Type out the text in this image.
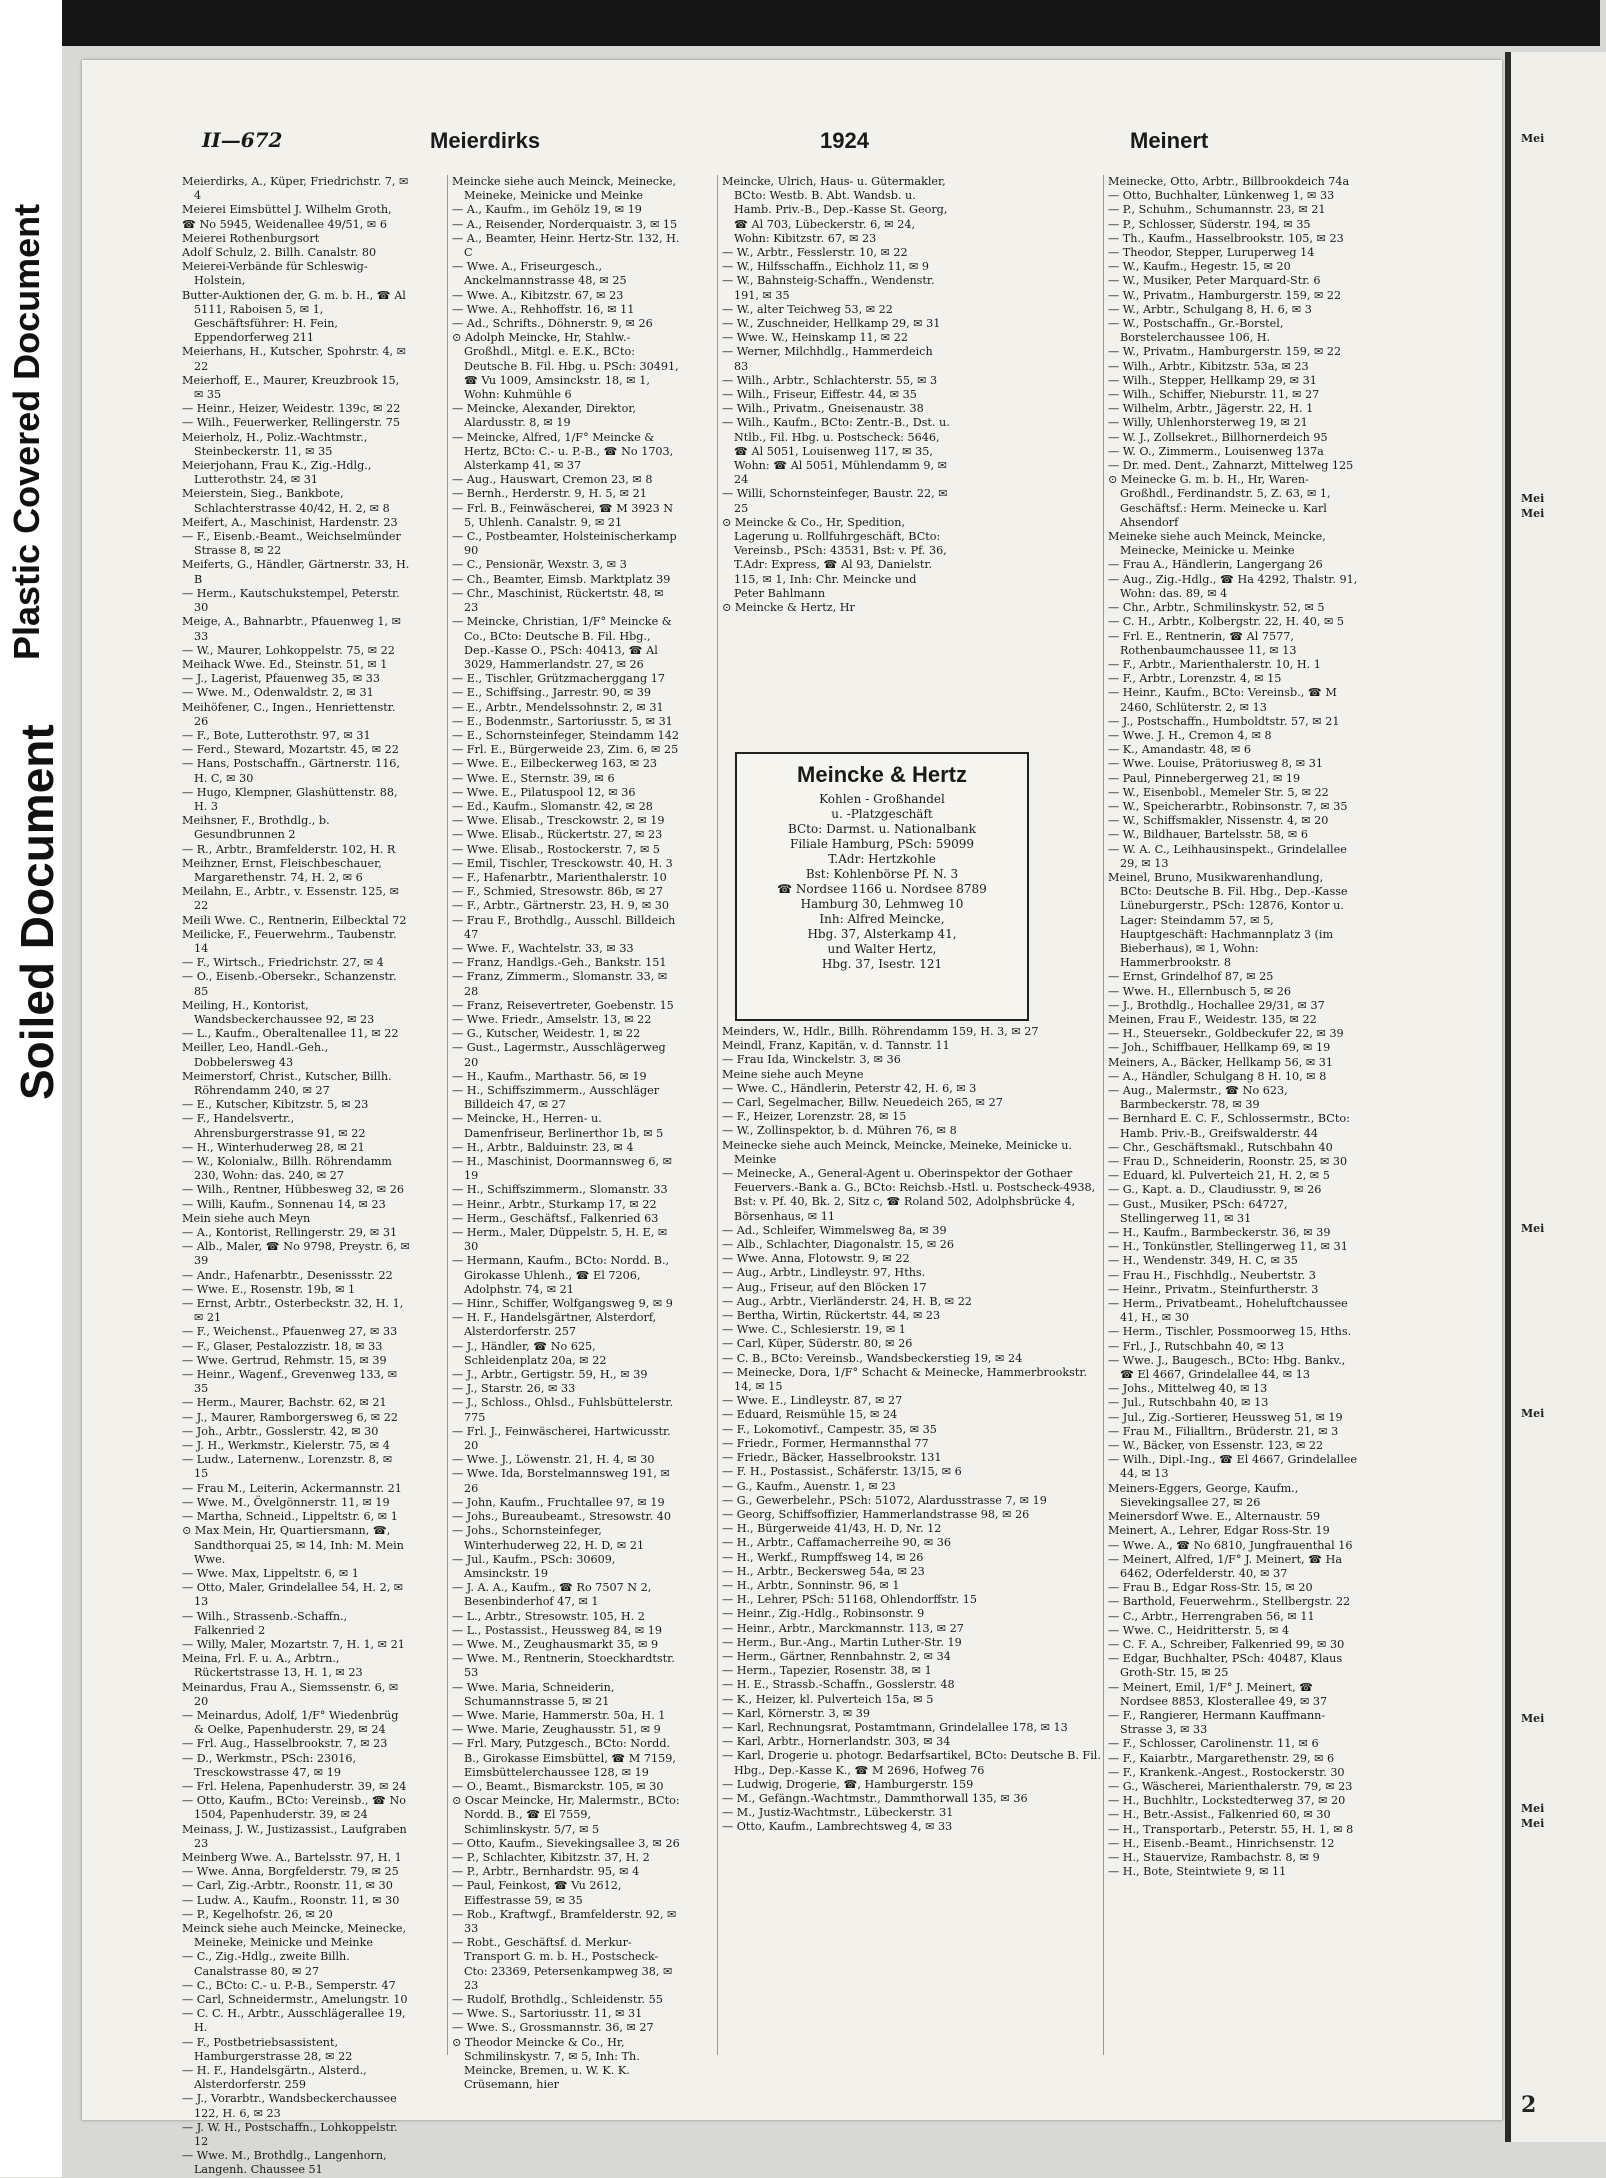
Plastic Covered Document
Soiled Document
Mei
Mei
Mei
Mei
Mei
Mei
Mei
Mei
2
II—672	Meierdirks	1924	Meinert

Meierdirks, A., Küper, Friedrichstr. 7, ✉ 4

Meierei Eimsbüttel J. Wilhelm Groth,

☎ No 5945, Weidenallee 49/51, ✉ 6

Meierei Rothenburgsort

Adolf Schulz, 2. Billh. Canalstr. 80

Meierei-Verbände für Schleswig-Holstein,

Butter-Auktionen der, G. m. b. H., ☎ Al 5111, Raboisen 5, ✉ 1, Geschäftsführer: H. Fein, Eppendorferweg 211

Meierhans, H., Kutscher, Spohrstr. 4, ✉ 22

Meierhoff, E., Maurer, Kreuzbrook 15, ✉ 35

— Heinr., Heizer, Weidestr. 139c, ✉ 22

— Wilh., Feuerwerker, Rellingerstr. 75

Meierholz, H., Poliz.-Wachtmstr., Steinbeckerstr. 11, ✉ 35

Meierjohann, Frau K., Zig.-Hdlg., Lutterothstr. 24, ✉ 31

Meierstein, Sieg., Bankbote, Schlachterstrasse 40/42, H. 2, ✉ 8

Meifert, A., Maschinist, Hardenstr. 23

— F., Eisenb.-Beamt., Weichselmünder Strasse 8, ✉ 22

Meiferts, G., Händler, Gärtnerstr. 33, H. B

— Herm., Kautschukstempel, Peterstr. 30

Meige, A., Bahnarbtr., Pfauenweg 1, ✉ 33

— W., Maurer, Lohkoppelstr. 75, ✉ 22

Meihack Wwe. Ed., Steinstr. 51, ✉ 1

— J., Lagerist, Pfauenweg 35, ✉ 33

— Wwe. M., Odenwaldstr. 2, ✉ 31

Meihöfener, C., Ingen., Henriettenstr. 26

— F., Bote, Lutterothstr. 97, ✉ 31

— Ferd., Steward, Mozartstr. 45, ✉ 22

— Hans, Postschaffn., Gärtnerstr. 116, H. C, ✉ 30

— Hugo, Klempner, Glashüttenstr. 88, H. 3

Meihsner, F., Brothdlg., b. Gesundbrunnen 2

— R., Arbtr., Bramfelderstr. 102, H. R

Meihzner, Ernst, Fleischbeschauer, Margarethenstr. 74, H. 2, ✉ 6

Meilahn, E., Arbtr., v. Essenstr. 125, ✉ 22

Meili Wwe. C., Rentnerin, Eilbecktal 72

Meilicke, F., Feuerwehrm., Taubenstr. 14

— F., Wirtsch., Friedrichstr. 27, ✉ 4

— O., Eisenb.-Obersekr., Schanzenstr. 85

Meiling, H., Kontorist, Wandsbeckerchaussee 92, ✉ 23

— L., Kaufm., Oberaltenallee 11, ✉ 22

Meiller, Leo, Handl.-Geh., Dobbelersweg 43

Meimerstorf, Christ., Kutscher, Billh. Röhrendamm 240, ✉ 27

— E., Kutscher, Kibitzstr. 5, ✉ 23

— F., Handelsvertr., Ahrensburgerstrasse 91, ✉ 22

— H., Winterhuderweg 28, ✉ 21

— W., Kolonialw., Billh. Röhrendamm 230, Wohn: das. 240, ✉ 27

— Wilh., Rentner, Hübbesweg 32, ✉ 26

— Willi, Kaufm., Sonnenau 14, ✉ 23

Mein siehe auch Meyn

— A., Kontorist, Rellingerstr. 29, ✉ 31

— Alb., Maler, ☎ No 9798, Preystr. 6, ✉ 39

— Andr., Hafenarbtr., Desenissstr. 22

— Wwe. E., Rosenstr. 19b, ✉ 1

— Ernst, Arbtr., Osterbeckstr. 32, H. 1, ✉ 21

— F., Weichenst., Pfauenweg 27, ✉ 33

— F., Glaser, Pestalozzistr. 18, ✉ 33

— Wwe. Gertrud, Rehmstr. 15, ✉ 39

— Heinr., Wagenf., Grevenweg 133, ✉ 35

— Herm., Maurer, Bachstr. 62, ✉ 21

— J., Maurer, Ramborgersweg 6, ✉ 22

— Joh., Arbtr., Gosslerstr. 42, ✉ 30

— J. H., Werkmstr., Kielerstr. 75, ✉ 4

— Ludw., Laternenw., Lorenzstr. 8, ✉ 15

— Frau M., Leiterin, Ackermannstr. 21

— Wwe. M., Övelgönnerstr. 11, ✉ 19

— Martha, Schneid., Lippeltstr. 6, ✉ 1

⊙ Max Mein, Hr, Quartiersmann, ☎, Sandthorquai 25, ✉ 14, Inh: M. Mein Wwe.

— Wwe. Max, Lippeltstr. 6, ✉ 1

— Otto, Maler, Grindelallee 54, H. 2, ✉ 13

— Wilh., Strassenb.-Schaffn., Falkenried 2

— Willy, Maler, Mozartstr. 7, H. 1, ✉ 21

Meina, Frl. F. u. A., Arbtrn., Rückertstrasse 13, H. 1, ✉ 23

Meinardus, Frau A., Siemssenstr. 6, ✉ 20

— Meinardus, Adolf, 1/F° Wiedenbrüg & Oelke, Papenhuderstr. 29, ✉ 24

— Frl. Aug., Hasselbrookstr. 7, ✉ 23

— D., Werkmstr., PSch: 23016, Tresckowstrasse 47, ✉ 19

— Frl. Helena, Papenhuderstr. 39, ✉ 24

— Otto, Kaufm., BCto: Vereinsb., ☎ No 1504, Papenhuderstr. 39, ✉ 24

Meinass, J. W., Justizassist., Laufgraben 23

Meinberg Wwe. A., Bartelsstr. 97, H. 1

— Wwe. Anna, Borgfelderstr. 79, ✉ 25

— Carl, Zig.-Arbtr., Roonstr. 11, ✉ 30

— Ludw. A., Kaufm., Roonstr. 11, ✉ 30

— P., Kegelhofstr. 26, ✉ 20

Meinck siehe auch Meincke, Meinecke, Meineke, Meinicke und Meinke

— C., Zig.-Hdlg., zweite Billh. Canalstrasse 80, ✉ 27

— C., BCto: C.- u. P.-B., Semperstr. 47

— Carl, Schneidermstr., Amelungstr. 10

— C. C. H., Arbtr., Ausschlägerallee 19, H.

— F., Postbetriebsassistent, Hamburgerstrasse 28, ✉ 22

— H. F., Handelsgärtn., Alsterd., Alsterdorferstr. 259

— J., Vorarbtr., Wandsbeckerchaussee 122, H. 6, ✉ 23

— J. W. H., Postschaffn., Lohkoppelstr. 12

— Wwe. M., Brothdlg., Langenhorn, Langenh. Chaussee 51

Meincke siehe auch Meinck, Meinecke, Meineke, Meinicke und Meinke

— A., Kaufm., im Gehölz 19, ✉ 19

— A., Reisender, Norderquaistr. 3, ✉ 15

— A., Beamter, Heinr. Hertz-Str. 132, H. C

— Wwe. A., Friseurgesch., Anckelmannstrasse 48, ✉ 25

— Wwe. A., Kibitzstr. 67, ✉ 23

— Wwe. A., Rehhoffstr. 16, ✉ 11

— Ad., Schrifts., Döhnerstr. 9, ✉ 26

⊙ Adolph Meincke, Hr, Stahlw.-Großhdl., Mitgl. e. E.K., BCto: Deutsche B. Fil. Hbg. u. PSch: 30491, ☎ Vu 1009, Amsinckstr. 18, ✉ 1, Wohn: Kuhmühle 6

— Meincke, Alexander, Direktor, Alardusstr. 8, ✉ 19

— Meincke, Alfred, 1/F° Meincke & Hertz, BCto: C.- u. P.-B., ☎ No 1703, Alsterkamp 41, ✉ 37

— Aug., Hauswart, Cremon 23, ✉ 8

— Bernh., Herderstr. 9, H. 5, ✉ 21

— Frl. B., Feinwäscherei, ☎ M 3923 N 5, Uhlenh. Canalstr. 9, ✉ 21

— C., Postbeamter, Holsteinischerkamp 90

— C., Pensionär, Wexstr. 3, ✉ 3

— Ch., Beamter, Eimsb. Marktplatz 39

— Chr., Maschinist, Rückertstr. 48, ✉ 23

— Meincke, Christian, 1/F° Meincke & Co., BCto: Deutsche B. Fil. Hbg., Dep.-Kasse O., PSch: 40413, ☎ Al 3029, Hammerlandstr. 27, ✉ 26

— E., Tischler, Grützmacherggang 17

— E., Schiffsing., Jarrestr. 90, ✉ 39

— E., Arbtr., Mendelssohnstr. 2, ✉ 31

— E., Bodenmstr., Sartoriusstr. 5, ✉ 31

— E., Schornsteinfeger, Steindamm 142

— Frl. E., Bürgerweide 23, Zim. 6, ✉ 25

— Wwe. E., Eilbeckerweg 163, ✉ 23

— Wwe. E., Sternstr. 39, ✉ 6

— Wwe. E., Pilatuspool 12, ✉ 36

— Ed., Kaufm., Slomanstr. 42, ✉ 28

— Wwe. Elisab., Tresckowstr. 2, ✉ 19

— Wwe. Elisab., Rückertstr. 27, ✉ 23

— Wwe. Elisab., Rostockerstr. 7, ✉ 5

— Emil, Tischler, Tresckowstr. 40, H. 3

— F., Hafenarbtr., Marienthalerstr. 10

— F., Schmied, Stresowstr. 86b, ✉ 27

— F., Arbtr., Gärtnerstr. 23, H. 9, ✉ 30

— Frau F., Brothdlg., Ausschl. Billdeich 47

— Wwe. F., Wachtelstr. 33, ✉ 33

— Franz, Handlgs.-Geh., Bankstr. 151

— Franz, Zimmerm., Slomanstr. 33, ✉ 28

— Franz, Reisevertreter, Goebenstr. 15

— Wwe. Friedr., Amselstr. 13, ✉ 22

— G., Kutscher, Weidestr. 1, ✉ 22

— Gust., Lagermstr., Ausschlägerweg 20

— H., Kaufm., Marthastr. 56, ✉ 19

— H., Schiffszimmerm., Ausschläger Billdeich 47, ✉ 27

— Meincke, H., Herren- u. Damenfriseur, Berlinerthor 1b, ✉ 5

— H., Arbtr., Balduinstr. 23, ✉ 4

— H., Maschinist, Doormannsweg 6, ✉ 19

— H., Schiffszimmerm., Slomanstr. 33

— Heinr., Arbtr., Sturkamp 17, ✉ 22

— Herm., Geschäftsf., Falkenried 63

— Herm., Maler, Düppelstr. 5, H. E, ✉ 30

— Hermann, Kaufm., BCto: Nordd. B., Girokasse Uhlenh., ☎ El 7206, Adolphstr. 74, ✉ 21

— Hinr., Schiffer, Wolfgangsweg 9, ✉ 9

— H. F., Handelsgärtner, Alsterdorf, Alsterdorferstr. 257

— J., Händler, ☎ No 625, Schleidenplatz 20a, ✉ 22

— J., Arbtr., Gertigstr. 59, H., ✉ 39

— J., Starstr. 26, ✉ 33

— J., Schloss., Ohlsd., Fuhlsbüttelerstr. 775

— Frl. J., Feinwäscherei, Hartwicusstr. 20

— Wwe. J., Löwenstr. 21, H. 4, ✉ 30

— Wwe. Ida, Borstelmannsweg 191, ✉ 26

— John, Kaufm., Fruchtallee 97, ✉ 19

— Johs., Bureaubeamt., Stresowstr. 40

— Johs., Schornsteinfeger, Winterhuderweg 22, H. D, ✉ 21

— Jul., Kaufm., PSch: 30609, Amsinckstr. 19

— J. A. A., Kaufm., ☎ Ro 7507 N 2, Besenbinderhof 47, ✉ 1

— L., Arbtr., Stresowstr. 105, H. 2

— L., Postassist., Heussweg 84, ✉ 19

— Wwe. M., Zeughausmarkt 35, ✉ 9

— Wwe. M., Rentnerin, Stoeckhardtstr. 53

— Wwe. Maria, Schneiderin, Schumannstrasse 5, ✉ 21

— Wwe. Marie, Hammerstr. 50a, H. 1

— Wwe. Marie, Zeughausstr. 51, ✉ 9

— Frl. Mary, Putzgesch., BCto: Nordd. B., Girokasse Eimsbüttel, ☎ M 7159, Eimsbüttelerchaussee 128, ✉ 19

— O., Beamt., Bismarckstr. 105, ✉ 30

⊙ Oscar Meincke, Hr, Malermstr., BCto: Nordd. B., ☎ El 7559, Schimlinskystr. 5/7, ✉ 5

— Otto, Kaufm., Sievekingsallee 3, ✉ 26

— P., Schlachter, Kibitzstr. 37, H. 2

— P., Arbtr., Bernhardstr. 95, ✉ 4

— Paul, Feinkost, ☎ Vu 2612, Eiffestrasse 59, ✉ 35

— Rob., Kraftwgf., Bramfelderstr. 92, ✉ 33

— Robt., Geschäftsf. d. Merkur-Transport G. m. b. H., Postscheck-Cto: 23369, Petersenkampweg 38, ✉ 23

— Rudolf, Brothdlg., Schleidenstr. 55

— Wwe. S., Sartoriusstr. 11, ✉ 31

— Wwe. S., Grossmannstr. 36, ✉ 27

⊙ Theodor Meincke & Co., Hr, Schmilinskystr. 7, ✉ 5, Inh: Th. Meincke, Bremen, u. W. K. K. Crüsemann, hier

Meincke, Ulrich, Haus- u. Gütermakler, BCto: Westb. B. Abt. Wandsb. u. Hamb. Priv.-B., Dep.-Kasse St. Georg, ☎ Al 703, Lübeckerstr. 6, ✉ 24, Wohn: Kibitzstr. 67, ✉ 23

— W., Arbtr., Fesslerstr. 10, ✉ 22

— W., Hilfsschaffn., Eichholz 11, ✉ 9

— W., Bahnsteig-Schaffn., Wendenstr. 191, ✉ 35

— W., alter Teichweg 53, ✉ 22

— W., Zuschneider, Hellkamp 29, ✉ 31

— Wwe. W., Heinskamp 11, ✉ 22

— Werner, Milchhdlg., Hammerdeich 83

— Wilh., Arbtr., Schlachterstr. 55, ✉ 3

— Wilh., Friseur, Eiffestr. 44, ✉ 35

— Wilh., Privatm., Gneisenaustr. 38

— Wilh., Kaufm., BCto: Zentr.-B., Dst. u. Ntlb., Fil. Hbg. u. Postscheck: 5646, ☎ Al 5051, Louisenweg 117, ✉ 35, Wohn: ☎ Al 5051, Mühlendamm 9, ✉ 24

— Willi, Schornsteinfeger, Baustr. 22, ✉ 25

⊙ Meincke & Co., Hr, Spedition, Lagerung u. Rollfuhrgeschäft, BCto: Vereinsb., PSch: 43531, Bst: v. Pf. 36, T.Adr: Express, ☎ Al 93, Danielstr. 115, ✉ 1, Inh: Chr. Meincke und Peter Bahlmann

⊙ Meincke & Hertz, Hr

Meinecke, Otto, Arbtr., Billbrookdeich 74a

— Otto, Buchhalter, Lünkenweg 1, ✉ 33

— P., Schuhm., Schumannstr. 23, ✉ 21

— P., Schlosser, Süderstr. 194, ✉ 35

— Th., Kaufm., Hasselbrookstr. 105, ✉ 23

— Theodor, Stepper, Luruperweg 14

— W., Kaufm., Hegestr. 15, ✉ 20

— W., Musiker, Peter Marquard-Str. 6

— W., Privatm., Hamburgerstr. 159, ✉ 22

— W., Arbtr., Schulgang 8, H. 6, ✉ 3

— W., Postschaffn., Gr.-Borstel, Borstelerchaussee 106, H.

— W., Privatm., Hamburgerstr. 159, ✉ 22

— Wilh., Arbtr., Kibitzstr. 53a, ✉ 23

— Wilh., Stepper, Hellkamp 29, ✉ 31

— Wilh., Schiffer, Nieburstr. 11, ✉ 27

— Wilhelm, Arbtr., Jägerstr. 22, H. 1

— Willy, Uhlenhorsterweg 19, ✉ 21

— W. J., Zollsekret., Billhornerdeich 95

— W. O., Zimmerm., Louisenweg 137a

— Dr. med. Dent., Zahnarzt, Mittelweg 125

⊙ Meinecke G. m. b. H., Hr, Waren-Großhdl., Ferdinandstr. 5, Z. 63, ✉ 1, Geschäftsf.: Herm. Meinecke u. Karl Ahsendorf

Meineke siehe auch Meinck, Meincke, Meinecke, Meinicke u. Meinke

— Frau A., Händlerin, Langergang 26

— Aug., Zig.-Hdlg., ☎ Ha 4292, Thalstr. 91, Wohn: das. 89, ✉ 4

— Chr., Arbtr., Schmilinskystr. 52, ✉ 5

— C. H., Arbtr., Kolbergstr. 22, H. 40, ✉ 5

— Frl. E., Rentnerin, ☎ Al 7577, Rothenbaumchaussee 11, ✉ 13

— F., Arbtr., Marienthalerstr. 10, H. 1

— F., Arbtr., Lorenzstr. 4, ✉ 15

— Heinr., Kaufm., BCto: Vereinsb., ☎ M 2460, Schlüterstr. 2, ✉ 13

— J., Postschaffn., Humboldtstr. 57, ✉ 21

— Wwe. J. H., Cremon 4, ✉ 8

— K., Amandastr. 48, ✉ 6

— Wwe. Louise, Prätoriusweg 8, ✉ 31

— Paul, Pinnebergerweg 21, ✉ 19

— W., Eisenbobl., Memeler Str. 5, ✉ 22

— W., Speicherarbtr., Robinsonstr. 7, ✉ 35

— W., Schiffsmakler, Nissenstr. 4, ✉ 20

— W., Bildhauer, Bartelsstr. 58, ✉ 6

— W. A. C., Leihhausinspekt., Grindelallee 29, ✉ 13

Meinel, Bruno, Musikwarenhandlung, BCto: Deutsche B. Fil. Hbg., Dep.-Kasse Lüneburgerstr., PSch: 12876, Kontor u. Lager: Steindamm 57, ✉ 5, Hauptgeschäft: Hachmannplatz 3 (im Bieberhaus), ✉ 1, Wohn: Hammerbrookstr. 8

— Ernst, Grindelhof 87, ✉ 25

— Wwe. H., Ellernbusch 5, ✉ 26

— J., Brothdlg., Hochallee 29/31, ✉ 37

Meinen, Frau F., Weidestr. 135, ✉ 22

— H., Steuersekr., Goldbeckufer 22, ✉ 39

— Joh., Schiffbauer, Hellkamp 69, ✉ 19

Meiners, A., Bäcker, Hellkamp 56, ✉ 31

— A., Händler, Schulgang 8 H. 10, ✉ 8

— Aug., Malermstr., ☎ No 623, Barmbeckerstr. 78, ✉ 39

— Bernhard E. C. F., Schlossermstr., BCto: Hamb. Priv.-B., Greifswalderstr. 44

— Chr., Geschäftsmakl., Rutschbahn 40

— Frau D., Schneiderin, Roonstr. 25, ✉ 30

— Eduard, kl. Pulverteich 21, H. 2, ✉ 5

— G., Kapt. a. D., Claudiusstr. 9, ✉ 26

— Gust., Musiker, PSch: 64727, Stellingerweg 11, ✉ 31

— H., Kaufm., Barmbeckerstr. 36, ✉ 39

— H., Tonkünstler, Stellingerweg 11, ✉ 31

— H., Wendenstr. 349, H. C, ✉ 35

— Frau H., Fischhdlg., Neubertstr. 3

— Heinr., Privatm., Steinfurtherstr. 3

— Herm., Privatbeamt., Hoheluftchaussee 41, H., ✉ 30

— Herm., Tischler, Possmoorweg 15, Hths.

— Frl., J., Rutschbahn 40, ✉ 13

— Wwe. J., Baugesch., BCto: Hbg. Bankv., ☎ El 4667, Grindelallee 44, ✉ 13

— Johs., Mittelweg 40, ✉ 13

— Jul., Rutschbahn 40, ✉ 13

— Jul., Zig.-Sortierer, Heussweg 51, ✉ 19

— Frau M., Filialltrn., Brüderstr. 21, ✉ 3

— W., Bäcker, von Essenstr. 123, ✉ 22

— Wilh., Dipl.-Ing., ☎ El 4667, Grindelallee 44, ✉ 13

Meiners-Eggers, George, Kaufm., Sievekingsallee 27, ✉ 26

Meinersdorf Wwe. E., Alternaustr. 59

Meinert, A., Lehrer, Edgar Ross-Str. 19

— Wwe. A., ☎ No 6810, Jungfrauenthal 16

— Meinert, Alfred, 1/F° J. Meinert, ☎ Ha 6462, Oderfelderstr. 40, ✉ 37

— Frau B., Edgar Ross-Str. 15, ✉ 20

— Barthold, Feuerwehrm., Stellbergstr. 22

— C., Arbtr., Herrengraben 56, ✉ 11

— Wwe. C., Heidritterstr. 5, ✉ 4

— C. F. A., Schreiber, Falkenried 99, ✉ 30

— Edgar, Buchhalter, PSch: 40487, Klaus Groth-Str. 15, ✉ 25

— Meinert, Emil, 1/F° J. Meinert, ☎ Nordsee 8853, Klosterallee 49, ✉ 37

— F., Rangierer, Hermann Kauffmann-Strasse 3, ✉ 33

— F., Schlosser, Carolinenstr. 11, ✉ 6

— F., Kaiarbtr., Margarethenstr. 29, ✉ 6

— F., Krankenk.-Angest., Rostockerstr. 30

— G., Wäscherei, Marienthalerstr. 79, ✉ 23

— H., Buchhltr., Lockstedterweg 37, ✉ 20

— H., Betr.-Assist., Falkenried 60, ✉ 30

— H., Transportarb., Peterstr. 55, H. 1, ✉ 8

— H., Eisenb.-Beamt., Hinrichsenstr. 12

— H., Stauervize, Rambachstr. 8, ✉ 9

— H., Bote, Steintwiete 9, ✉ 11

Meincke & Hertz

Kohlen - Großhandel

u. -Platzgeschäft

BCto: Darmst. u. Nationalbank

Filiale Hamburg, PSch: 59099

T.Adr: Hertzkohle

Bst: Kohlenbörse Pf. N. 3

☎ Nordsee 1166 u. Nordsee 8789

Hamburg 30, Lehmweg 10

Inh: Alfred Meincke,

Hbg. 37, Alsterkamp 41,

und Walter Hertz,

Hbg. 37, Isestr. 121

Meinders, W., Hdlr., Billh. Röhrendamm 159, H. 3, ✉ 27

Meindl, Franz, Kapitän, v. d. Tannstr. 11

— Frau Ida, Winckelstr. 3, ✉ 36

Meine siehe auch Meyne

— Wwe. C., Händlerin, Peterstr 42, H. 6, ✉ 3

— Carl, Segelmacher, Billw. Neuedeich 265, ✉ 27

— F., Heizer, Lorenzstr. 28, ✉ 15

— W., Zollinspektor, b. d. Mühren 76, ✉ 8

Meinecke siehe auch Meinck, Meincke, Meineke, Meinicke u. Meinke

— Meinecke, A., General-Agent u. Oberinspektor der Gothaer Feuervers.-Bank a. G., BCto: Reichsb.-Hstl. u. Postscheck-4938, Bst: v. Pf. 40, Bk. 2, Sitz c, ☎ Roland 502, Adolphsbrücke 4, Börsenhaus, ✉ 11

— Ad., Schleifer, Wimmelsweg 8a, ✉ 39

— Alb., Schlachter, Diagonalstr. 15, ✉ 26

— Wwe. Anna, Flotowstr. 9, ✉ 22

— Aug., Arbtr., Lindleystr. 97, Hths.

— Aug., Friseur, auf den Blöcken 17

— Aug., Arbtr., Vierländerstr. 24, H. B, ✉ 22

— Bertha, Wirtin, Rückertstr. 44, ✉ 23

— Wwe. C., Schlesierstr. 19, ✉ 1

— Carl, Küper, Süderstr. 80, ✉ 26

— C. B., BCto: Vereinsb., Wandsbeckerstieg 19, ✉ 24

— Meinecke, Dora, 1/F° Schacht & Meinecke, Hammerbrookstr. 14, ✉ 15

— Wwe. E., Lindleystr. 87, ✉ 27

— Eduard, Reismühle 15, ✉ 24

— F., Lokomotivf., Campestr. 35, ✉ 35

— Friedr., Former, Hermannsthal 77

— Friedr., Bäcker, Hasselbrookstr. 131

— F. H., Postassist., Schäferstr. 13/15, ✉ 6

— G., Kaufm., Auenstr. 1, ✉ 23

— G., Gewerbelehr., PSch: 51072, Alardusstrasse 7, ✉ 19

— Georg, Schiffsoffizier, Hammerlandstrasse 98, ✉ 26

— H., Bürgerweide 41/43, H. D, Nr. 12

— H., Arbtr., Caffamacherreihe 90, ✉ 36

— H., Werkf., Rumpffsweg 14, ✉ 26

— H., Arbtr., Beckersweg 54a, ✉ 23

— H., Arbtr., Sonninstr. 96, ✉ 1

— H., Lehrer, PSch: 51168, Ohlendorffstr. 15

— Heinr., Zig.-Hdlg., Robinsonstr. 9

— Heinr., Arbtr., Marckmannstr. 113, ✉ 27

— Herm., Bur.-Ang., Martin Luther-Str. 19

— Herm., Gärtner, Rennbahnstr. 2, ✉ 34

— Herm., Tapezier, Rosenstr. 38, ✉ 1

— H. E., Strassb.-Schaffn., Gosslerstr. 48

— K., Heizer, kl. Pulverteich 15a, ✉ 5

— Karl, Körnerstr. 3, ✉ 39

— Karl, Rechnungsrat, Postamtmann, Grindelallee 178, ✉ 13

— Karl, Arbtr., Hornerlandstr. 303, ✉ 34

— Karl, Drogerie u. photogr. Bedarfsartikel, BCto: Deutsche B. Fil. Hbg., Dep.-Kasse K., ☎ M 2696, Hofweg 76

— Ludwig, Drogerie, ☎, Hamburgerstr. 159

— M., Gefängn.-Wachtmstr., Dammthorwall 135, ✉ 36

— M., Justiz-Wachtmstr., Lübeckerstr. 31

— Otto, Kaufm., Lambrechtsweg 4, ✉ 33
